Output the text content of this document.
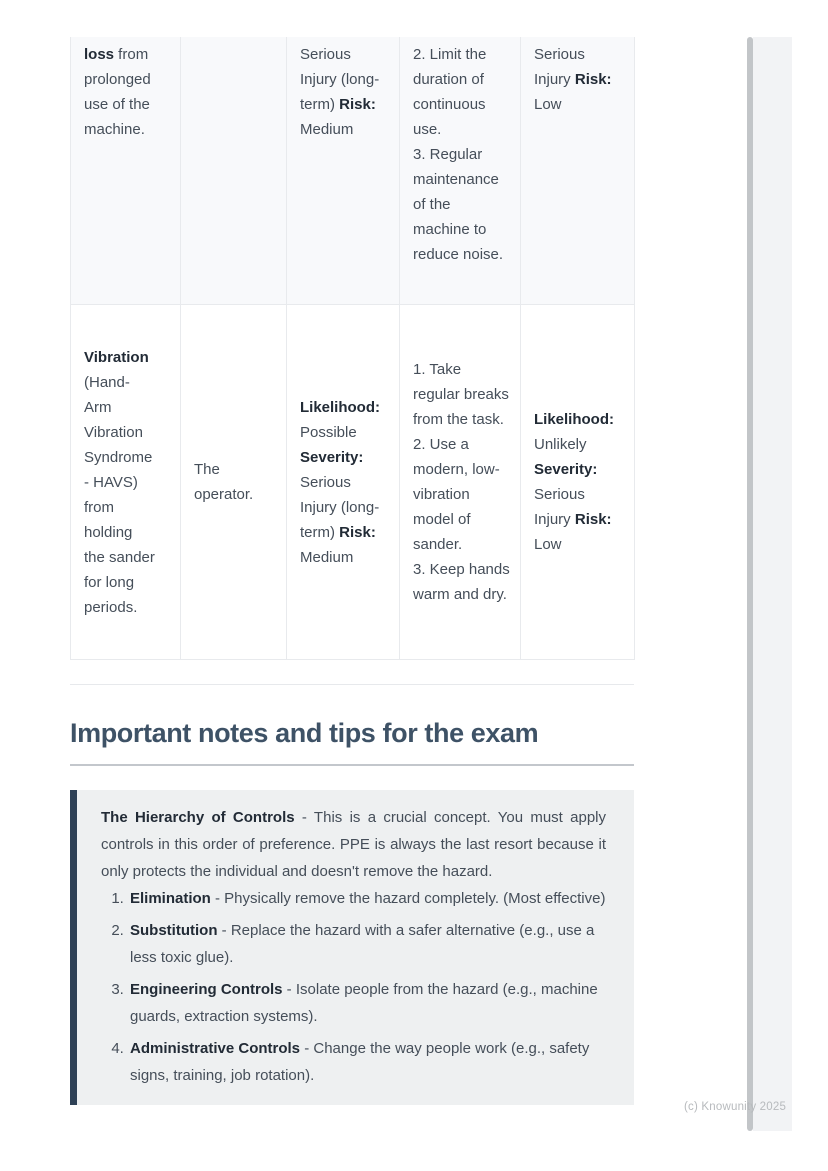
loss from prolonged use of the machine.

Serious Injury (long-term) Risk: Medium

2. Limit the duration of continuous use.

3. Regular maintenance of the machine to reduce noise.

Serious Injury Risk: Low

Vibration (Hand-Arm Vibration Syndrome - HAVS) from holding the sander for long periods.

The operator.

Likelihood: Possible Severity: Serious Injury (long-term) Risk: Medium

1. Take regular breaks from the task.

2. Use a modern, low-vibration model of sander.

3. Keep hands warm and dry.

Likelihood: Unlikely Severity: Serious Injury Risk: Low

Important notes and tips for the exam

The Hierarchy of Controls - This is a crucial concept. You must apply controls in this order of preference. PPE is always the last resort because it only protects the individual and doesn't remove the hazard.

1. Elimination - Physically remove the hazard completely. (Most effective)
2. Substitution - Replace the hazard with a safer alternative (e.g., use a less toxic glue).
3. Engineering Controls - Isolate people from the hazard (e.g., machine guards, extraction systems).
4. Administrative Controls - Change the way people work (e.g., safety signs, training, job rotation).
(c) Knowunity 2025
